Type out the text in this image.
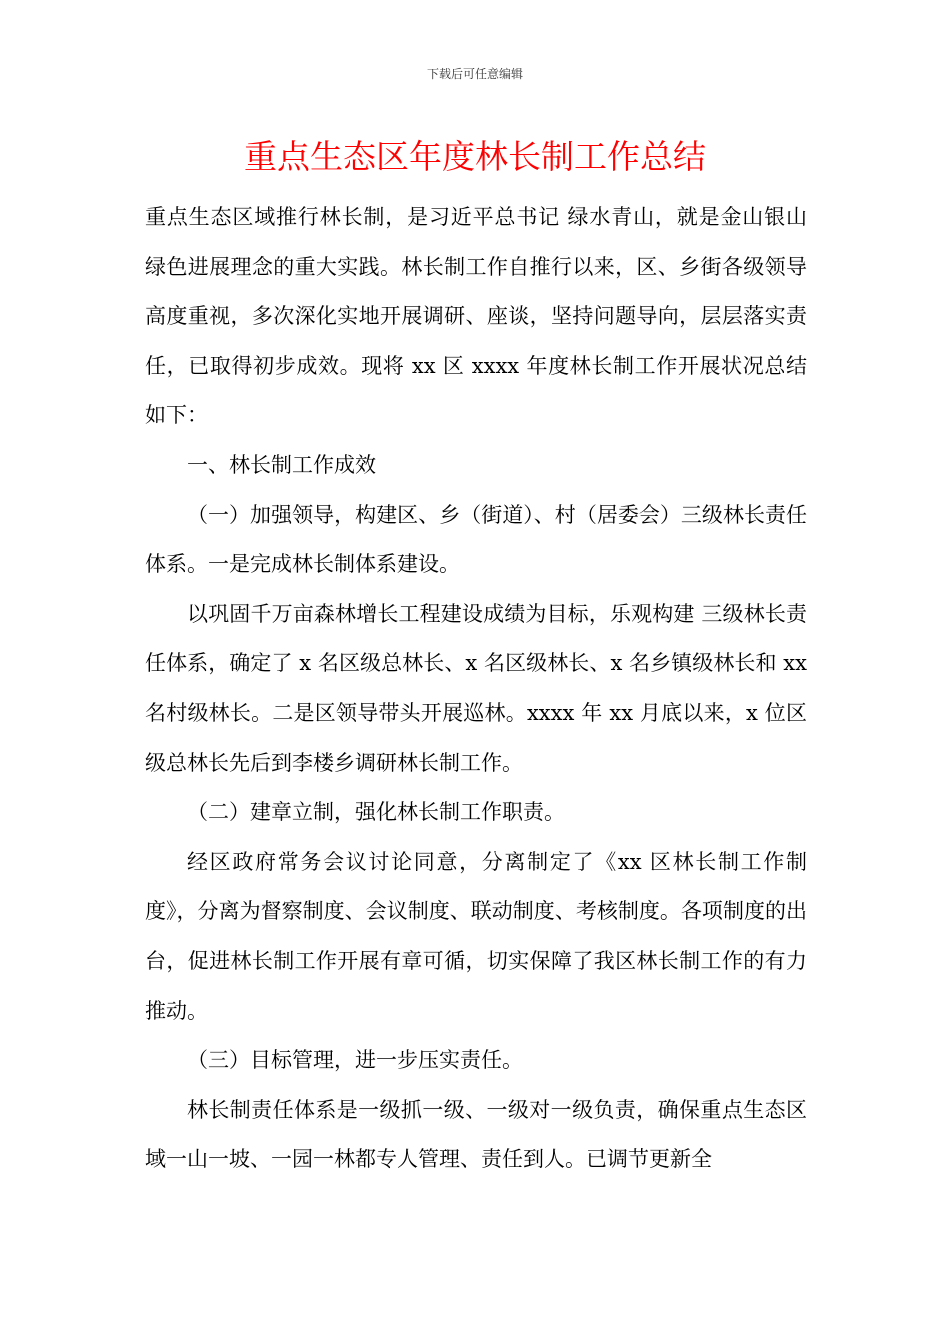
下载后可任意编辑
重点生态区年度林长制工作总结

重点生态区域推行林长制，是习近平总书记 绿水青山，就是金山银山 绿色进展理念的重大实践。林长制工作自推行以来，区、乡街各级领导高度重视，多次深化实地开展调研、座谈，坚持问题导向，层层落实责任，已取得初步成效。现将 xx 区 xxxx 年度林长制工作开展状况总结如下：

一、林长制工作成效

（一）加强领导，构建区、乡（街道）、村（居委会）三级林长责任体系。一是完成林长制体系建设。

以巩固千万亩森林增长工程建设成绩为目标，乐观构建 三级林长责任体系，确定了 x 名区级总林长、x 名区级林长、x 名乡镇级林长和 xx 名村级林长。二是区领导带头开展巡林。xxxx 年 xx 月底以来，x 位区级总林长先后到李楼乡调研林长制工作。

（二）建章立制，强化林长制工作职责。

经区政府常务会议讨论同意，分离制定了《xx 区林长制工作制度》，分离为督察制度、会议制度、联动制度、考核制度。各项制度的出台，促进林长制工作开展有章可循，切实保障了我区林长制工作的有力推动。

（三）目标管理，进一步压实责任。

林长制责任体系是一级抓一级、一级对一级负责，确保重点生态区域一山一坡、一园一林都专人管理、责任到人。已调节更新全
